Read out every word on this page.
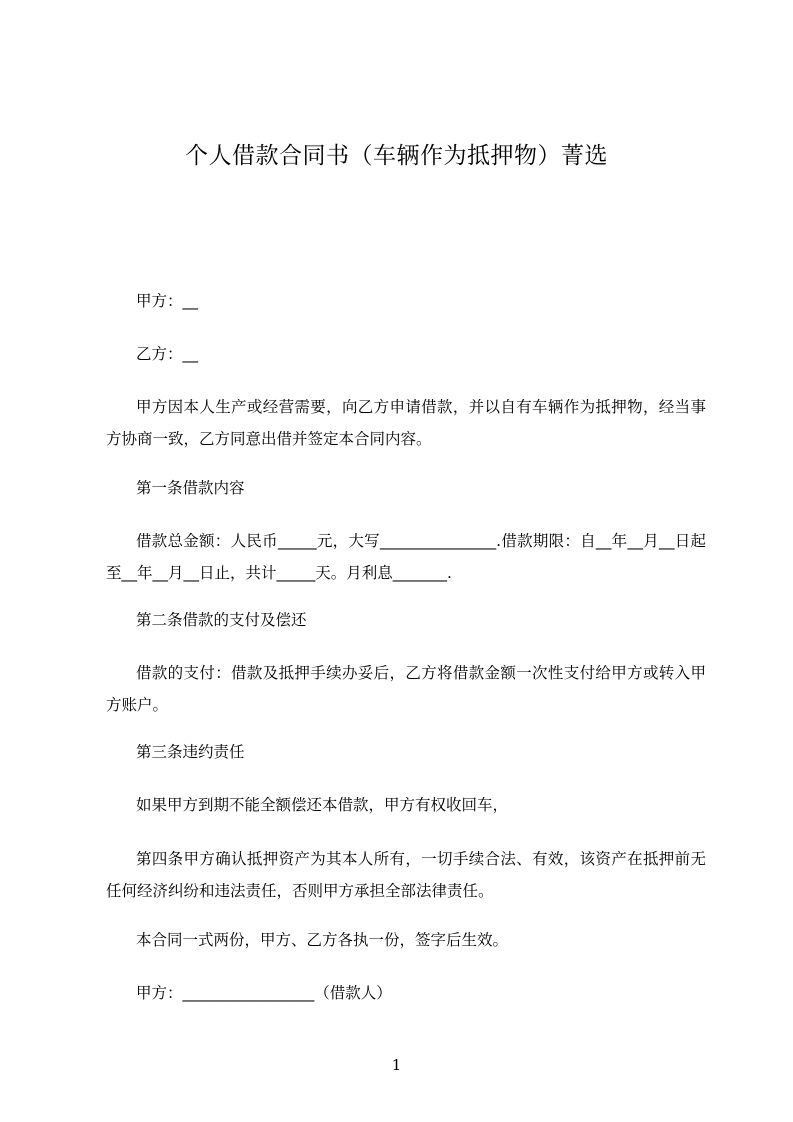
个人借款合同书（车辆作为抵押物）菁选
甲方：__
乙方：__
甲方因本人生产或经营需要，向乙方申请借款，并以自有车辆作为抵押物，经当事方协商一致，乙方同意出借并签定本合同内容。
第一条借款内容
借款总金额：人民币_____元，大写_______________.借款期限：自__年__月__日起至__年__月__日止，共计_____天。月利息_______.
第二条借款的支付及偿还
借款的支付：借款及抵押手续办妥后，乙方将借款金额一次性支付给甲方或转入甲方账户。
第三条违约责任
如果甲方到期不能全额偿还本借款，甲方有权收回车，
第四条甲方确认抵押资产为其本人所有，一切手续合法、有效，该资产在抵押前无任何经济纠纷和违法责任，否则甲方承担全部法律责任。
本合同一式两份，甲方、乙方各执一份，签字后生效。
甲方：_________________（借款人）
1
